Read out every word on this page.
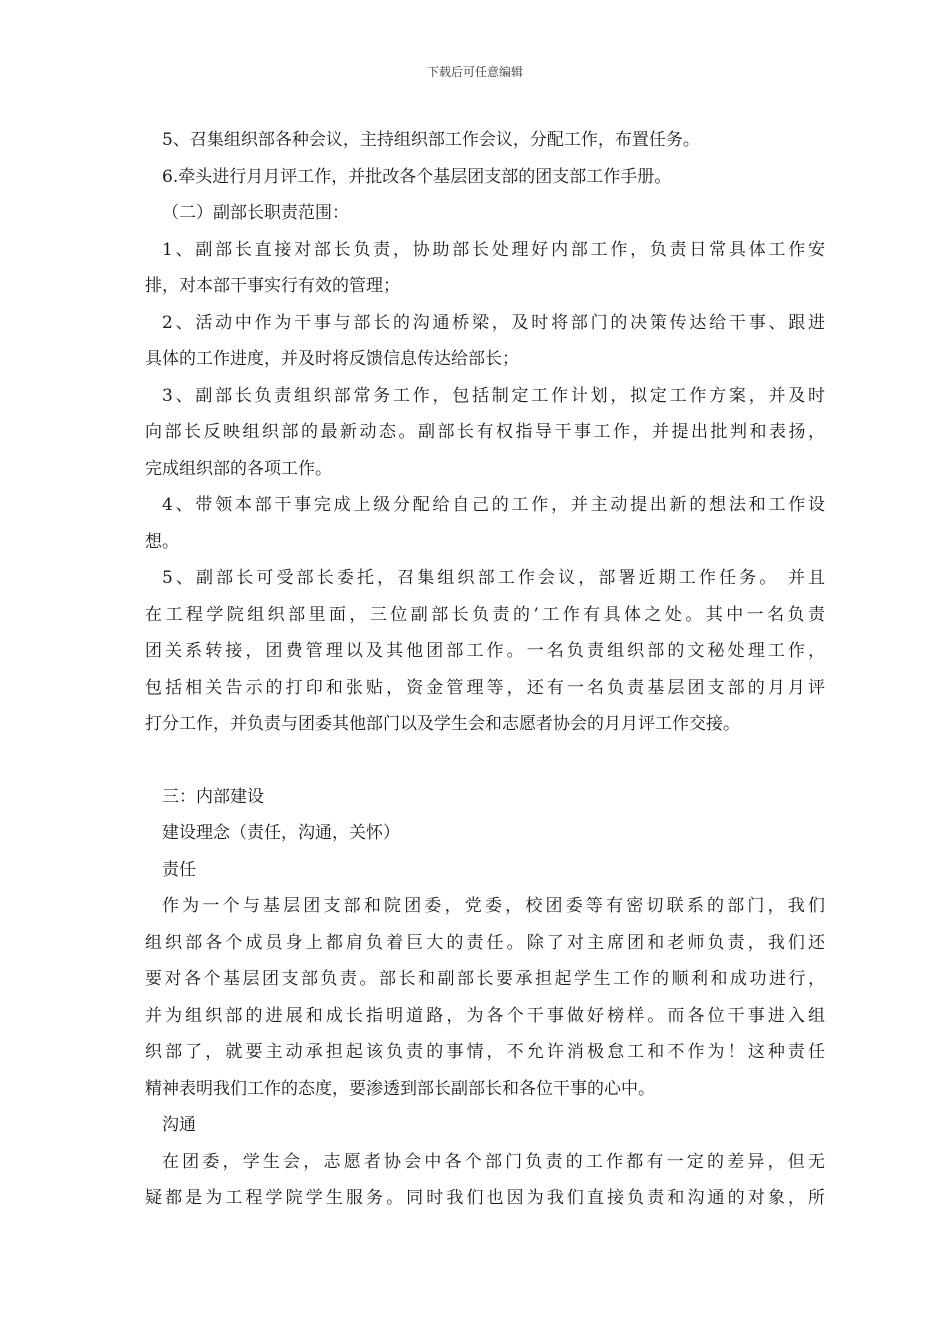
下载后可任意编辑
5、召集组织部各种会议，主持组织部工作会议，分配工作，布置任务。
6.牵头进行月月评工作，并批改各个基层团支部的团支部工作手册。
（二）副部长职责范围：
1、副部长直接对部长负责，协助部长处理好内部工作，负责日常具体工作安
排，对本部干事实行有效的管理；
2、活动中作为干事与部长的沟通桥梁，及时将部门的决策传达给干事、跟进
具体的工作进度，并及时将反馈信息传达给部长；
3、副部长负责组织部常务工作，包括制定工作计划，拟定工作方案，并及时
向部长反映组织部的最新动态。副部长有权指导干事工作，并提出批判和表扬，
完成组织部的各项工作。
4、带领本部干事完成上级分配给自己的工作，并主动提出新的想法和工作设
想。
5、副部长可受部长委托，召集组织部工作会议，部署近期工作任务。 并且
在工程学院组织部里面，三位副部长负责的’工作有具体之处。其中一名负责
团关系转接，团费管理以及其他团部工作。一名负责组织部的文秘处理工作，
包括相关告示的打印和张贴，资金管理等，还有一名负责基层团支部的月月评
打分工作，并负责与团委其他部门以及学生会和志愿者协会的月月评工作交接。
三：内部建设
建设理念（责任，沟通，关怀）
责任
作为一个与基层团支部和院团委，党委，校团委等有密切联系的部门，我们
组织部各个成员身上都肩负着巨大的责任。除了对主席团和老师负责，我们还
要对各个基层团支部负责。部长和副部长要承担起学生工作的顺利和成功进行，
并为组织部的进展和成长指明道路，为各个干事做好榜样。而各位干事进入组
织部了，就要主动承担起该负责的事情，不允许消极怠工和不作为！这种责任
精神表明我们工作的态度，要渗透到部长副部长和各位干事的心中。
沟通
在团委，学生会，志愿者协会中各个部门负责的工作都有一定的差异，但无
疑都是为工程学院学生服务。同时我们也因为我们直接负责和沟通的对象，所
